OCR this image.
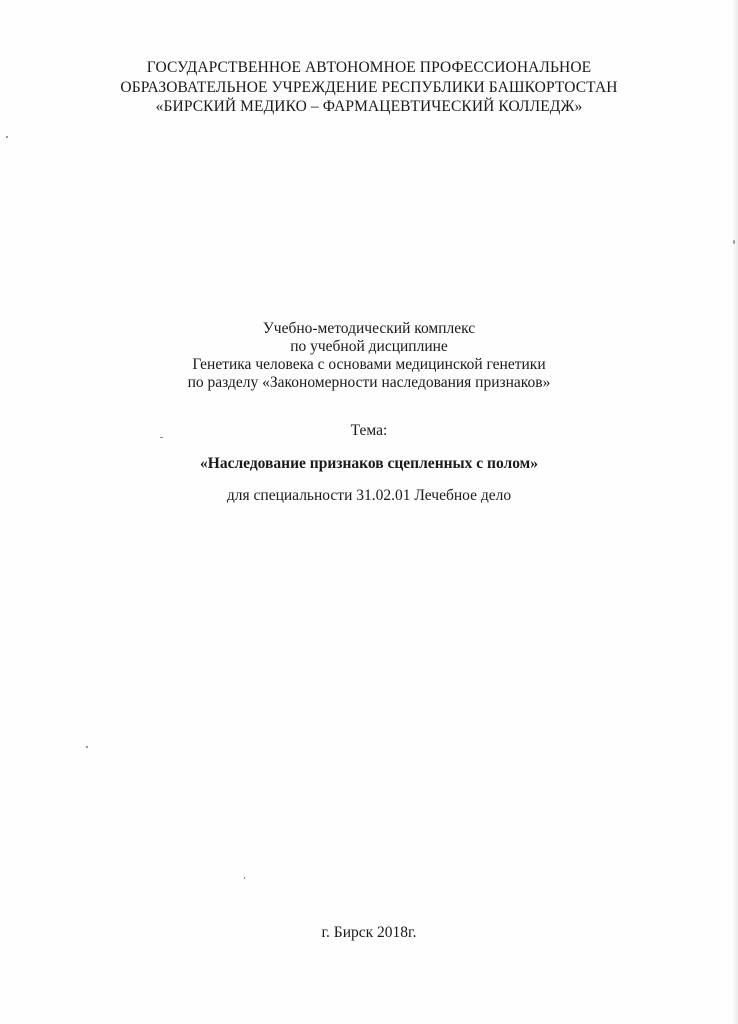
ГОСУДАРСТВЕННОЕ АВТОНОМНОЕ ПРОФЕССИОНАЛЬНОЕ
ОБРАЗОВАТЕЛЬНОЕ УЧРЕЖДЕНИЕ РЕСПУБЛИКИ БАШКОРТОСТАН
«БИРСКИЙ МЕДИКО – ФАРМАЦЕВТИЧЕСКИЙ КОЛЛЕДЖ»
Учебно-методический комплекс
по учебной дисциплине
Генетика человека с основами медицинской генетики
по разделу «Закономерности наследования признаков»
Тема:
«Наследование признаков сцепленных с полом»
для специальности 31.02.01 Лечебное дело
г. Бирск 2018г.
